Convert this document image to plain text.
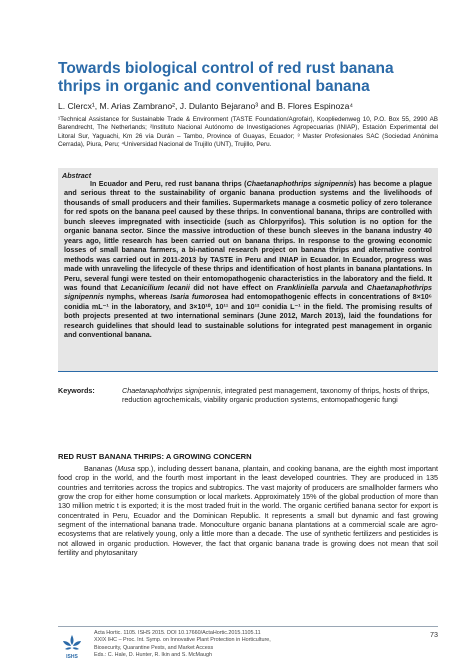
Towards biological control of red rust banana thrips in organic and conventional banana
L. Clercx¹, M. Arias Zambrano², J. Dulanto Bejarano³ and B. Flores Espinoza⁴
¹Technical Assistance for Sustainable Trade & Environment (TASTE Foundation/Agrofair), Koopliedenweg 10, P.O. Box 55, 2990 AB Barendrecht, The Netherlands; ²Instituto Nacional Autónomo de Investigaciones Agropecuarias (INIAP), Estación Experimental del Litoral Sur, Yaguachi, Km 26 vía Durán – Tambo, Province of Guayas, Ecuador; ³ Master Profesionales SAC (Sociedad Anónima Cerrada), Piura, Peru; ⁴Universidad Nacional de Trujillo (UNT), Trujillo, Peru.
Abstract

In Ecuador and Peru, red rust banana thrips (Chaetanaphothrips signipennis) has become a plague and serious threat to the sustainability of organic banana production systems and the livelihoods of thousands of small producers and their families. Supermarkets manage a cosmetic policy of zero tolerance for red spots on the banana peel caused by these thrips. In conventional banana, thrips are controlled with bunch sleeves impregnated with insecticide (such as Chlorpyrifos). This solution is no option for the organic banana sector. Since the massive introduction of these bunch sleeves in the banana industry 40 years ago, little research has been carried out on banana thrips. In response to the growing economic losses of small banana farmers, a bi-national research project on banana thrips and alternative control methods was carried out in 2011-2013 by TASTE in Peru and INIAP in Ecuador. In Ecuador, progress was made with unraveling the lifecycle of these thrips and identification of host plants in banana plantations. In Peru, several fungi were tested on their entomopathogenic characteristics in the laboratory and the field. It was found that Lecanicilium lecanii did not have effect on Frankliniella parvula and Chaetanaphothrips signipennis nymphs, whereas Isaria fumorosea had entomopathogenic effects in concentrations of 8×10⁶ conidia mL⁻¹ in the laboratory, and 3×10¹⁰, 10¹¹ and 10¹² conidia L⁻¹ in the field. The promising results of both projects presented at two international seminars (June 2012, March 2013), laid the foundations for research guidelines that should lead to sustainable solutions for integrated pest management in organic and conventional banana.

Keywords:	Chaetanaphothrips signipennis, integrated pest management, taxonomy of thrips, hosts of thrips, reduction agrochemicals, viability organic production systems, entomopathogenic fungi
RED RUST BANANA THRIPS: A GROWING CONCERN

Bananas (Musa spp.), including dessert banana, plantain, and cooking banana, are the eighth most important food crop in the world, and the fourth most important in the least developed countries. They are produced in 135 countries and territories across the tropics and subtropics. The vast majority of producers are smallholder farmers who grow the crop for either home consumption or local markets. Approximately 15% of the global production of more than 130 million metric t is exported; it is the most traded fruit in the world. The organic certified banana sector for export is concentrated in Peru, Ecuador and the Dominican Republic. It represents a small but dynamic and fast growing segment of the international banana trade. Monoculture organic banana plantations at a commercial scale are agro-ecosystems that are relatively young, only a little more than a decade. The use of synthetic fertilizers and pesticides is not allowed in organic production. However, the fact that organic banana trade is growing does not mean that soil fertility and phytosanitary

ISHS
Acta Hortic. 1105. ISHS 2015. DOI 10.17660/ActaHortic.2015.1105.11
XXIX IHC – Proc. Int. Symp. on Innovative Plant Protection in Horticulture,
Biosecurity, Quarantine Pests, and Market Access
Eds.: C. Hale, D. Hunter, R. Ikin and S. McMaugh
73
